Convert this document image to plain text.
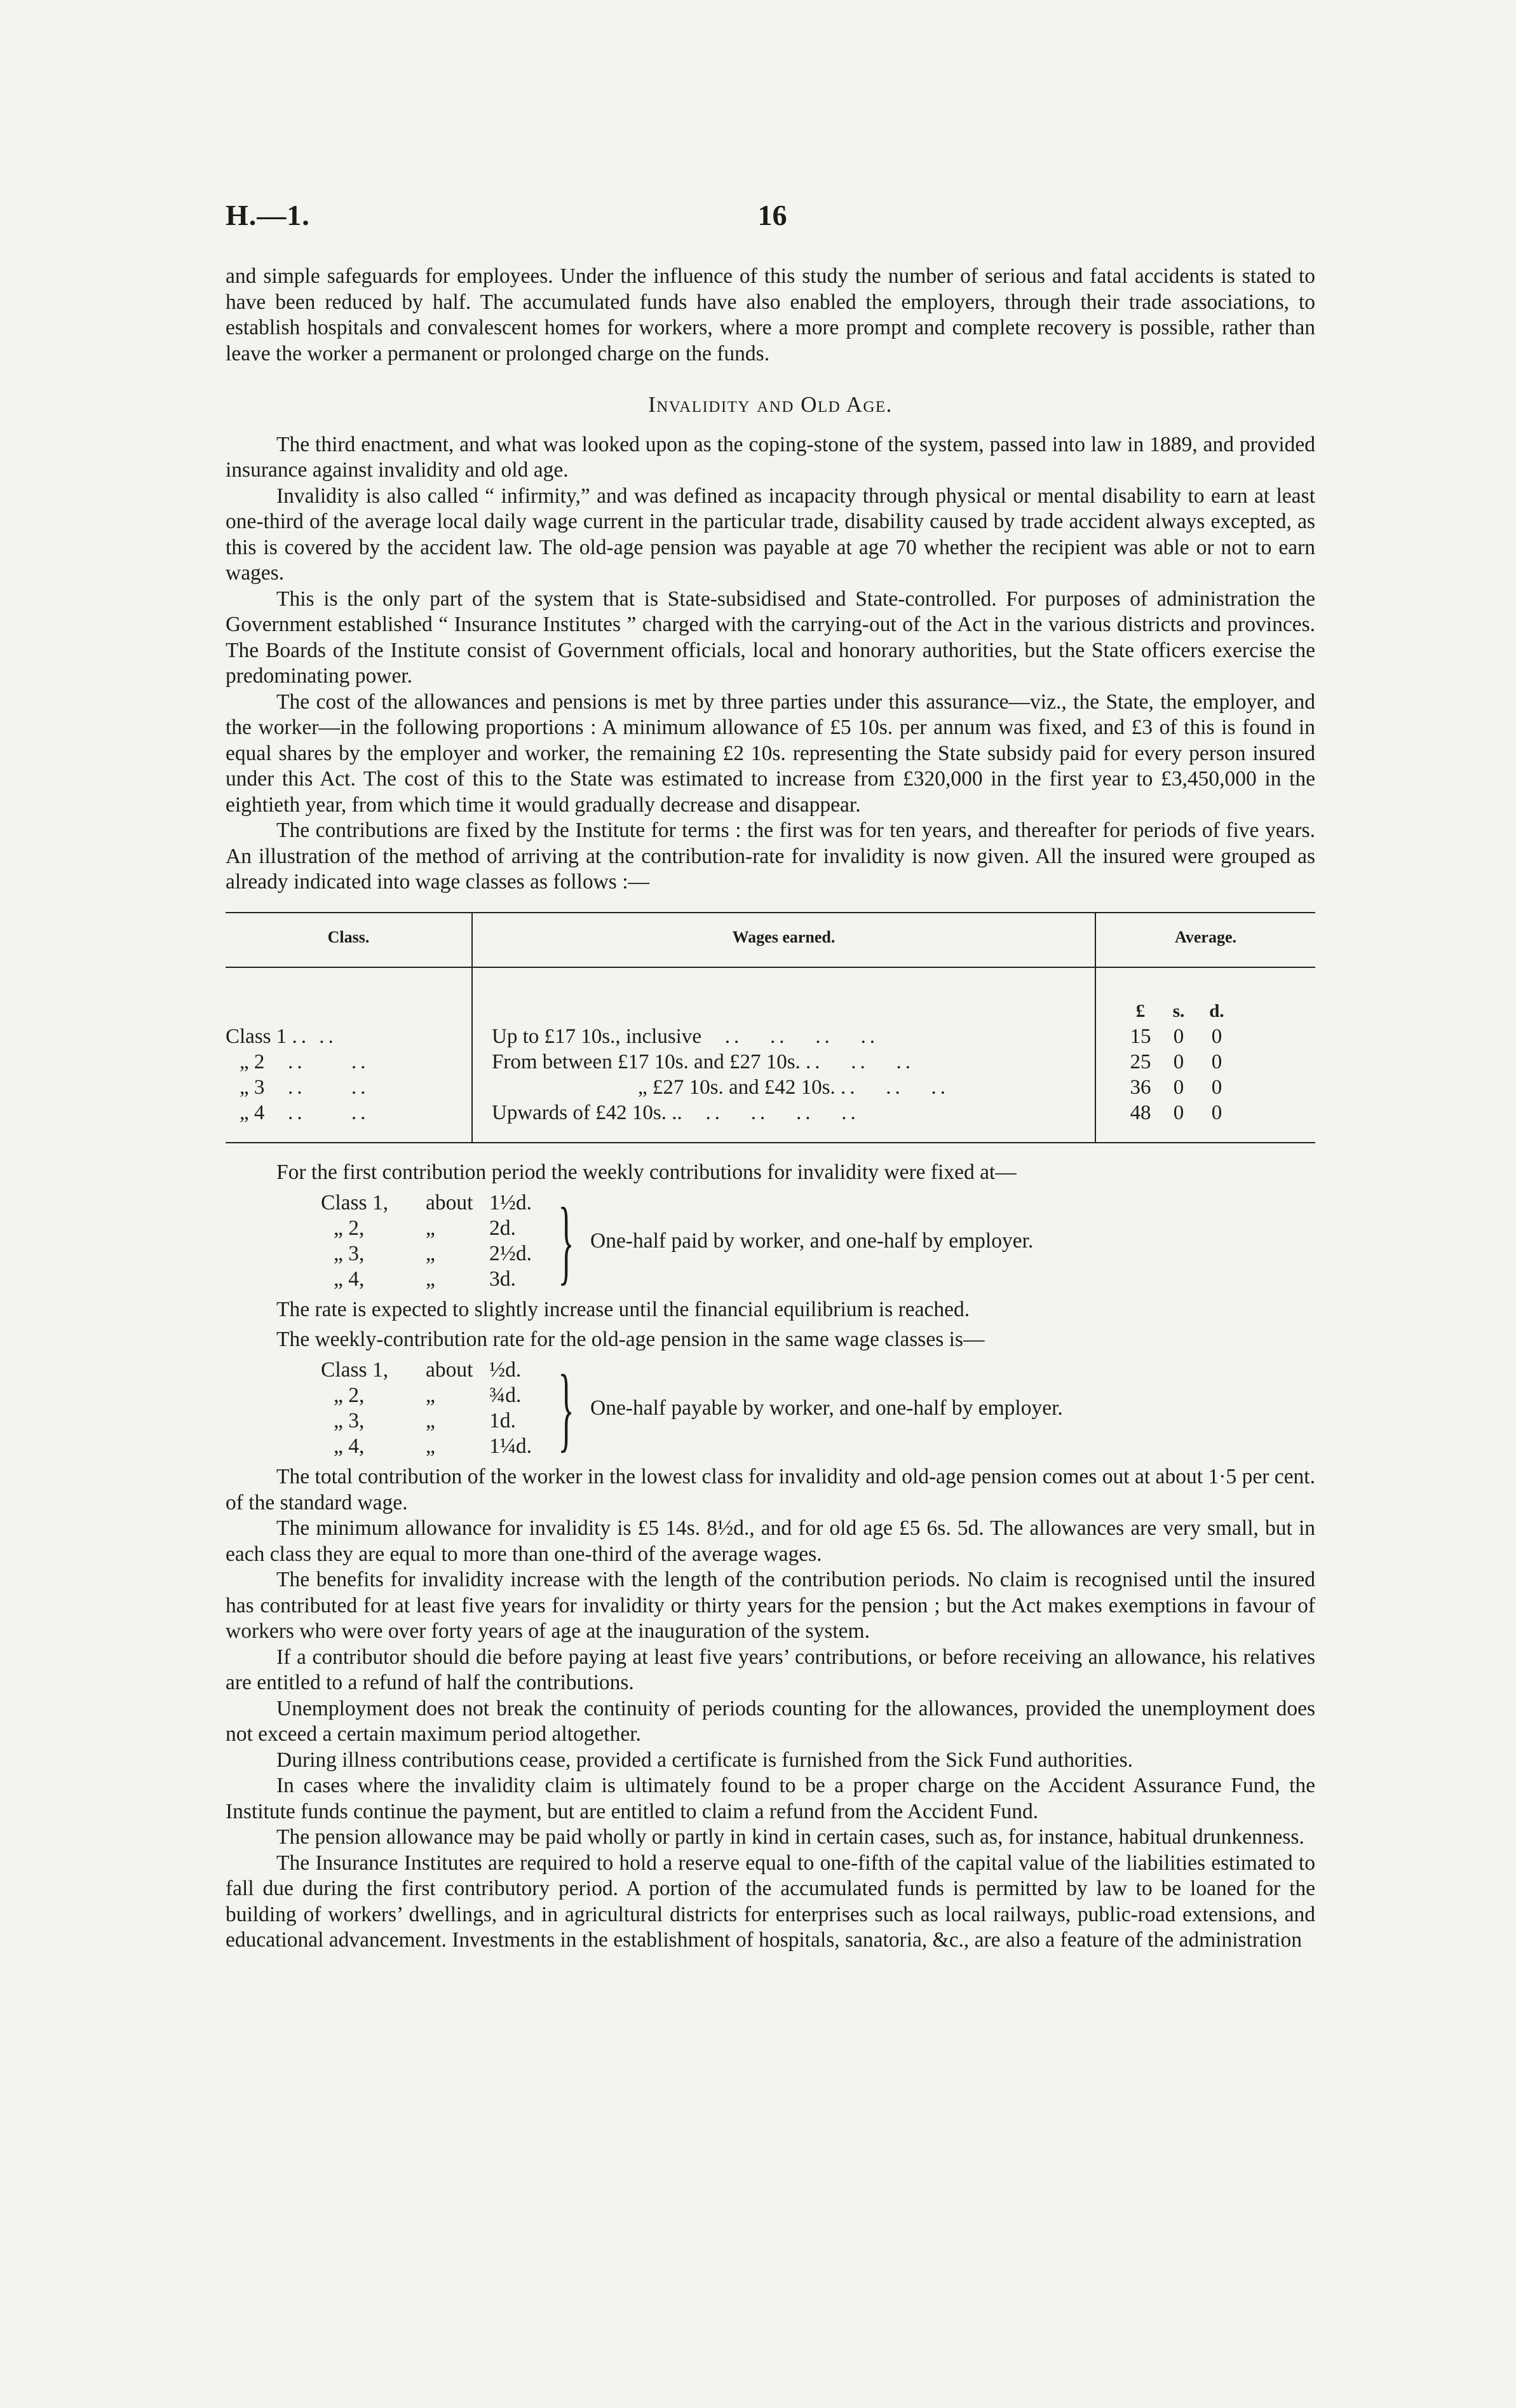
H.—1.	16

and simple safeguards for employees. Under the influence of this study the number of serious and fatal accidents is stated to have been reduced by half. The accumulated funds have also enabled the employers, through their trade associations, to establish hospitals and convalescent homes for workers, where a more prompt and complete recovery is possible, rather than leave the worker a permanent or prolonged charge on the funds.

Invalidity and Old Age.

The third enactment, and what was looked upon as the coping-stone of the system, passed into law in 1889, and provided insurance against invalidity and old age.

Invalidity is also called “ infirmity,” and was defined as incapacity through physical or mental disability to earn at least one-third of the average local daily wage current in the particular trade, disability caused by trade accident always excepted, as this is covered by the accident law. The old-age pension was payable at age 70 whether the recipient was able or not to earn wages.

This is the only part of the system that is State-subsidised and State-controlled. For purposes of administration the Government established “ Insurance Institutes ” charged with the carrying-out of the Act in the various districts and provinces. The Boards of the Institute consist of Government officials, local and honorary authorities, but the State officers exercise the predominating power.

The cost of the allowances and pensions is met by three parties under this assurance—viz., the State, the employer, and the worker—in the following proportions : A minimum allowance of £5 10s. per annum was fixed, and £3 of this is found in equal shares by the employer and worker, the remaining £2 10s. representing the State subsidy paid for every person insured under this Act. The cost of this to the State was estimated to increase from £320,000 in the first year to £3,450,000 in the eightieth year, from which time it would gradually decrease and disappear.

The contributions are fixed by the Institute for terms : the first was for ten years, and thereafter for periods of five years. An illustration of the method of arriving at the contribution-rate for invalidity is now given. All the insured were grouped as already indicated into wage classes as follows :—

Class.	Wages earned.	Average.
		£ s. d.
Class 1 .. ..	Up to £17 10s., inclusive   ..   ..   ..   ..	15 0 0
„ 2   ..     ..	From between £17 10s. and £27 10s. ..   ..   ..	25 0 0
„ 3   ..     ..	„ £27 10s. and £42 10s. ..   ..   ..	36 0 0
„ 4   ..     ..	Upwards of £42 10s. ..   ..   ..   ..   ..	48 0 0

For the first contribution period the weekly contributions for invalidity were fixed at—

Class 1, about 1½d.
„ 2,	„	2d.
„ 3,	„	2½d.
„ 4,	„	3d. } One-half paid by worker, and one-half by employer.

The rate is expected to slightly increase until the financial equilibrium is reached.

The weekly-contribution rate for the old-age pension in the same wage classes is—

Class 1, about ½d.
„ 2,	„	¾d.
„ 3,	„	1d.
„ 4,	„	1¼d. } One-half payable by worker, and one-half by employer.

The total contribution of the worker in the lowest class for invalidity and old-age pension comes out at about 1·5 per cent. of the standard wage.

The minimum allowance for invalidity is £5 14s. 8½d., and for old age £5 6s. 5d. The allowances are very small, but in each class they are equal to more than one-third of the average wages.

The benefits for invalidity increase with the length of the contribution periods. No claim is recognised until the insured has contributed for at least five years for invalidity or thirty years for the pension ; but the Act makes exemptions in favour of workers who were over forty years of age at the inauguration of the system.

If a contributor should die before paying at least five years’ contributions, or before receiving an allowance, his relatives are entitled to a refund of half the contributions.

Unemployment does not break the continuity of periods counting for the allowances, provided the unemployment does not exceed a certain maximum period altogether.

During illness contributions cease, provided a certificate is furnished from the Sick Fund authorities.

In cases where the invalidity claim is ultimately found to be a proper charge on the Accident Assurance Fund, the Institute funds continue the payment, but are entitled to claim a refund from the Accident Fund.

The pension allowance may be paid wholly or partly in kind in certain cases, such as, for instance, habitual drunkenness.

The Insurance Institutes are required to hold a reserve equal to one-fifth of the capital value of the liabilities estimated to fall due during the first contributory period. A portion of the accumulated funds is permitted by law to be loaned for the building of workers’ dwellings, and in agricultural districts for enterprises such as local railways, public-road extensions, and educational advancement. Investments in the establishment of hospitals, sanatoria, &c., are also a feature of the administration
